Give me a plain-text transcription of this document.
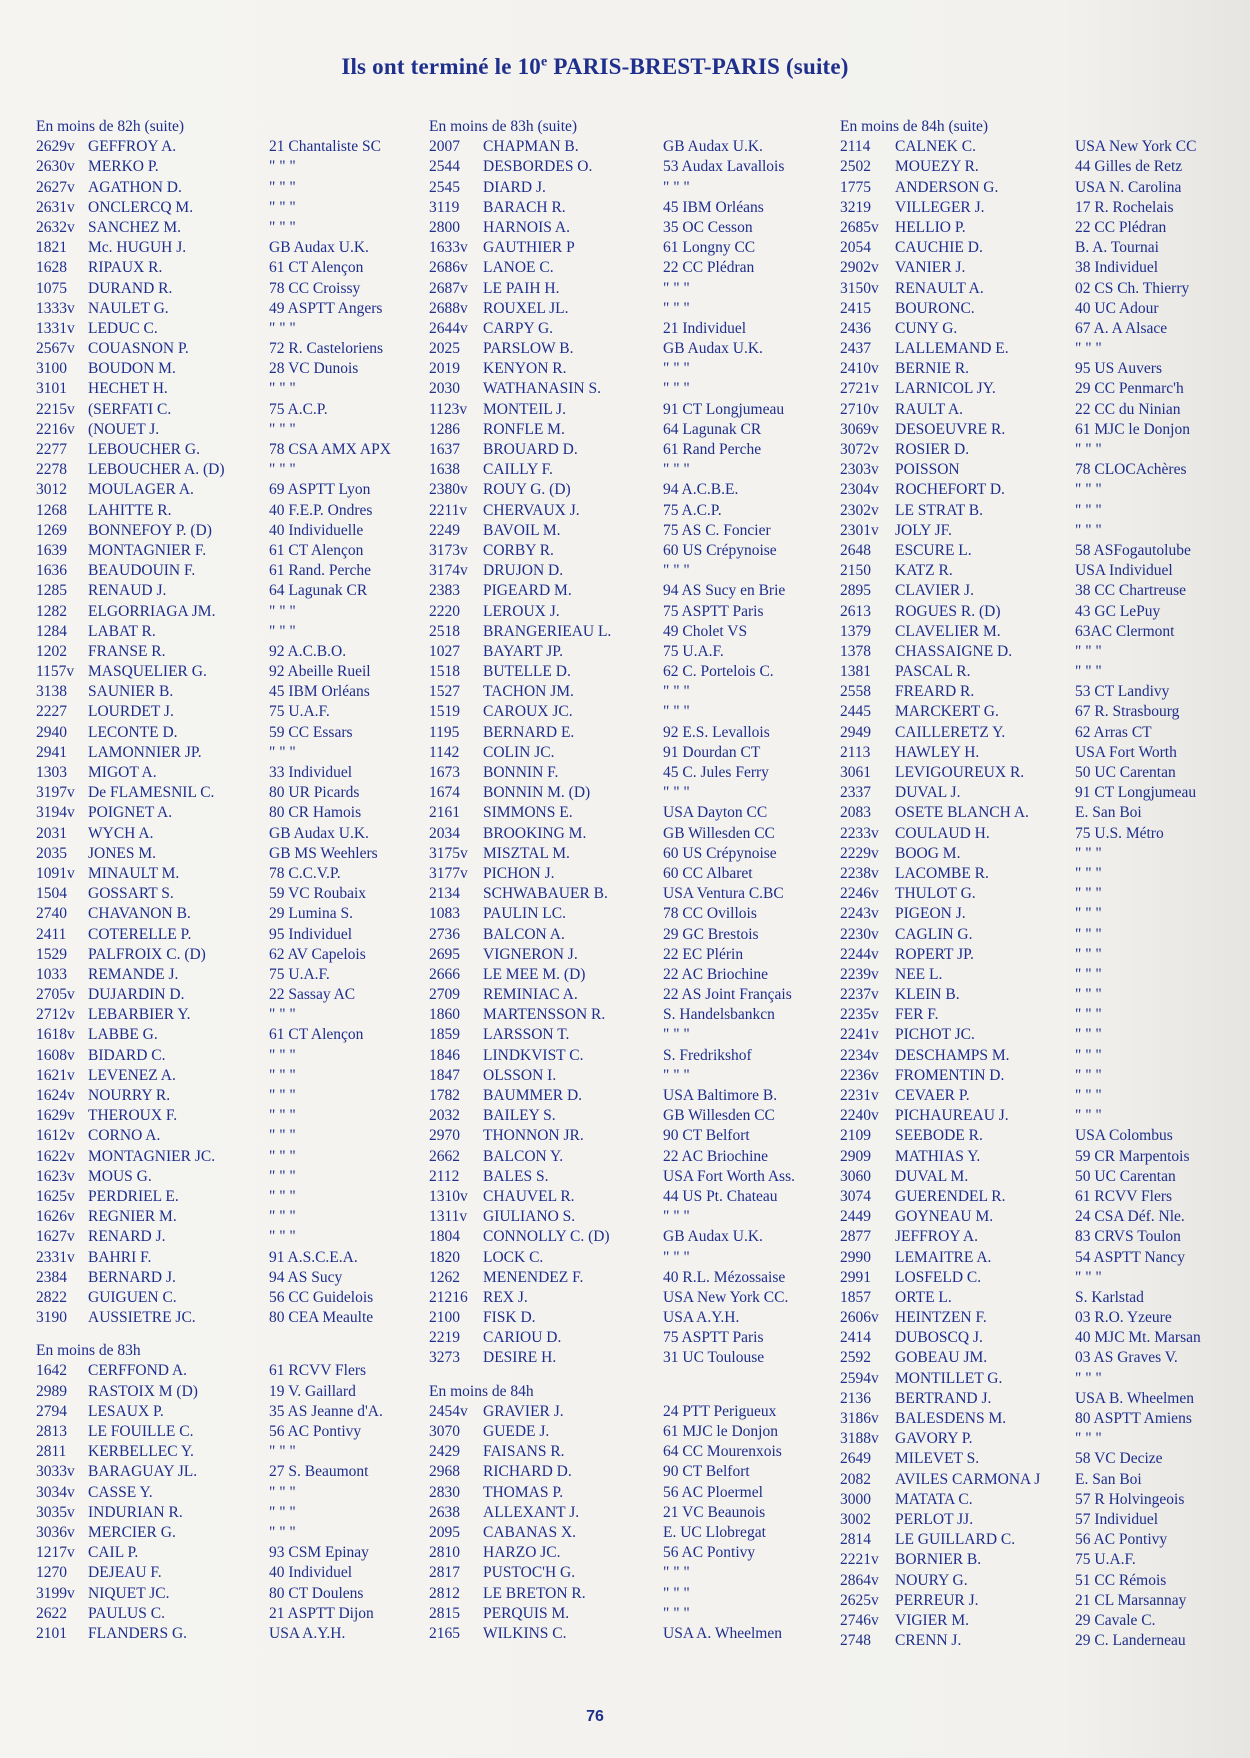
Ils ont terminé le 10e PARIS-BREST-PARIS (suite)
En moins de 82h (suite)
2629v GEFFROY A.	21 Chantaliste SC
2630v MERKO P.	" " "
2627v AGATHON D.	" " "
2631v ONCLERCQ M.	" " "
2632v SANCHEZ M.	" " "
1821	Mc. HUGUH J.	GB Audax U.K.
1628	RIPAUX R.	61 CT Alençon
1075	DURAND R.	78 CC Croissy
1333v NAULET G.	49 ASPTT Angers
1331v LEDUC C.	" " "
2567v COUASNON P.	72 R. Casteloriens
3100	BOUDON M.	28 VC Dunois
3101	HECHET H.	" " "
2215v (SERFATI C.	75 A.C.P.
2216v (NOUET J.	" " "
2277	LEBOUCHER G.	78 CSA AMX APX
2278	LEBOUCHER A. (D)	" " "
3012	MOULAGER A.	69 ASPTT Lyon
1268	LAHITTE R.	40 F.E.P. Ondres
1269	BONNEFOY P. (D)	40 Individuelle
1639	MONTAGNIER F.	61 CT Alençon
1636	BEAUDOUIN F.	61 Rand. Perche
1285	RENAUD J.	64 Lagunak CR
1282	ELGORRIAGA JM.	" " "
1284	LABAT R.	" " "
1202	FRANSE R.	92 A.C.B.O.
1157v MASQUELIER G.	92 Abeille Rueil
3138	SAUNIER B.	45 IBM Orléans
2227	LOURDET J.	75 U.A.F.
2940	LECONTE D.	59 CC Essars
2941	LAMONNIER JP.	" " "
1303	MIGOT A.	33 Individuel
3197v De FLAMESNIL C.	80 UR Picards
3194v POIGNET A.	80 CR Hamois
2031	WYCH A.	GB Audax U.K.
2035	JONES M.	GB MS Weehlers
1091v MINAULT M.	78 C.C.V.P.
1504	GOSSART S.	59 VC Roubaix
2740	CHAVANON B.	29 Lumina S.
2411	COTERELLE P.	95 Individuel
1529	PALFROIX C. (D)	62 AV Capelois
1033	REMANDE J.	75 U.A.F.
2705v DUJARDIN D.	22 Sassay AC
2712v LEBARBIER Y.	" " "
1618v LABBE G.	61 CT Alençon
1608v BIDARD C.	" " "
1621v LEVENEZ A.	" " "
1624v NOURRY R.	" " "
1629v THEROUX F.	" " "
1612v CORNO A.	" " "
1622v MONTAGNIER JC.	" " "
1623v MOUS G.	" " "
1625v PERDRIEL E.	" " "
1626v REGNIER M.	" " "
1627v RENARD J.	" " "
2331v BAHRI F.	91 A.S.C.E.A.
2384	BERNARD J.	94 AS Sucy
2822	GUIGUEN C.	56 CC Guidelois
3190	AUSSIETRE JC.	80 CEA Meaulte
En moins de 83h
1642	CERFFOND A.	61 RCVV Flers
2989	RASTOIX M (D)	19 V. Gaillard
2794	LESAUX P.	35 AS Jeanne d'A.
2813	LE FOUILLE C.	56 AC Pontivy
2811	KERBELLEC Y.	" " "
3033v BARAGUAY JL.	27 S. Beaumont
3034v CASSE Y.	" " "
3035v INDURIAN R.	" " "
3036v MERCIER G.	" " "
1217v CAIL P.	93 CSM Epinay
1270	DEJEAU F.	40 Individuel
3199v NIQUET JC.	80 CT Doulens
2622	PAULUS C.	21 ASPTT Dijon
2101	FLANDERS G.	USA A.Y.H.
En moins de 83h (suite)
2007	CHAPMAN B.	GB Audax U.K.
2544	DESBORDES O.	53 Audax Lavallois
2545	DIARD J.	" " "
3119	BARACH R.	45 IBM Orléans
2800	HARNOIS A.	35 OC Cesson
1633v GAUTHIER P	61 Longny CC
2686v LANOE C.	22 CC Plédran
2687v LE PAIH H.	" " "
2688v ROUXEL JL.	" " "
2644v CARPY G.	21 Individuel
2025	PARSLOW B.	GB Audax U.K.
2019	KENYON R.	" " "
2030	WATHANASIN S.	" " "
1123v	MONTEIL J.	91 CT Longjumeau
1286	RONFLE M.	64 Lagunak CR
1637	BROUARD D.	61 Rand Perche
1638	CAILLY F.	" " "
2380v ROUY G. (D)	94 A.C.B.E.
2211v	CHERVAUX J.	75 A.C.P.
2249	BAVOIL M.	75 AS C. Foncier
3173v CORBY R.	60 US Crépynoise
3174v DRUJON D.	" " "
2383	PIGEARD M.	94 AS Sucy en Brie
2220	LEROUX J.	75 ASPTT Paris
2518	BRANGERIEAU L.	49 Cholet VS
1027	BAYART JP.	75 U.A.F.
1518	BUTELLE D.	62 C. Portelois C.
1527	TACHON JM.	" " "
1519	CAROUX JC.	" " "
1195	BERNARD E.	92 E.S. Levallois
1142	COLIN JC.	91 Dourdan CT
1673	BONNIN F.	45 C. Jules Ferry
1674	BONNIN M. (D)	" " "
2161	SIMMONS E.	USA Dayton CC
2034	BROOKING M.	GB Willesden CC
3175v MISZTAL M.	60 US Crépynoise
3177v PICHON J.	60 CC Albaret
2134	SCHWABAUER B.	USA Ventura C.BC
1083	PAULIN LC.	78 CC Ovillois
2736	BALCON A.	29 GC Brestois
2695	VIGNERON J.	22 EC Plérin
2666	LE MEE M. (D)	22 AC Briochine
2709	REMINIAC A.	22 AS Joint Français
1860	MARTENSSON R.	S. Handelsbankcn
1859	LARSSON T.	" " "
1846	LINDKVIST C.	S. Fredrikshof
1847	OLSSON I.	" " "
1782	BAUMMER D.	USA Baltimore B.
2032	BAILEY S.	GB Willesden CC
2970	THONNON JR.	90 CT Belfort
2662	BALCON Y.	22 AC Briochine
2112	BALES S.	USA Fort Worth Ass.
1310v CHAUVEL R.	44 US Pt. Chateau
1311v	GIULIANO S.	" " "
1804	CONNOLLY C. (D)	GB Audax U.K.
1820	LOCK C.	" " "
1262	MENENDEZ F.	40 R.L. Mézossaise
21216 REX J.	USA New York CC.
2100	FISK D.	USA A.Y.H.
2219	CARIOU D.	75 ASPTT Paris
3273	DESIRE H.	31 UC Toulouse
En moins de 84h
2454v GRAVIER J.	24 PTT Perigueux
3070	GUEDE J.	61 MJC le Donjon
2429	FAISANS R.	64 CC Mourenxois
2968	RICHARD D.	90 CT Belfort
2830	THOMAS P.	56 AC Ploermel
2638	ALLEXANT J.	21 VC Beaunois
2095	CABANAS X.	E. UC Llobregat
2810	HARZO JC.	56 AC Pontivy
2817	PUSTOC'H G.	" " "
2812	LE BRETON R.	" " "
2815	PERQUIS M.	" " "
2165	WILKINS C.	USA A. Wheelmen
En moins de 84h (suite)
2114	CALNEK C.	USA New York CC
2502	MOUEZY R.	44 Gilles de Retz
1775	ANDERSON G.	USA N. Carolina
3219	VILLEGER J.	17 R. Rochelais
2685v	HELLIO P.	22 CC Plédran
2054	CAUCHIE D.	B. A. Tournai
2902v	VANIER J.	38 Individuel
3150v	RENAULT A.	02 CS Ch. Thierry
2415	BOURONC.	40 UC Adour
2436	CUNY G.	67 A. A Alsace
2437	LALLEMAND E.	" " "
2410v	BERNIE R.	95 US Auvers
2721v	LARNICOL JY.	29 CC Penmarc'h
2710v	RAULT A.	22 CC du Ninian
3069v	DESOEUVRE R.	61 MJC le Donjon
3072v	ROSIER D.	" " "
2303v	POISSON	78 CLOCAchères
2304v	ROCHEFORT D.	" " "
2302v	LE STRAT B.	" " "
2301v	JOLY JF.	" " "
2648	ESCURE L.	58 ASFogautolube
2150	KATZ R.	USA Individuel
2895	CLAVIER J.	38 CC Chartreuse
2613	ROGUES R. (D)	43 GC LePuy
1379	CLAVELIER M.	63AC Clermont
1378	CHASSAIGNE D.	" " "
1381	PASCAL R.	" " "
2558	FREARD R.	53 CT Landivy
2445	MARCKERT G.	67 R. Strasbourg
2949	CAILLERETZ Y.	62 Arras CT
2113	HAWLEY H.	USA Fort Worth
3061	LEVIGOUREUX R.	50 UC Carentan
2337	DUVAL J.	91 CT Longjumeau
2083	OSETE BLANCH A.	E. San Boi
2233v	COULAUD H.	75 U.S. Métro
2229v	BOOG M.	" " "
2238v	LACOMBE R.	" " "
2246v	THULOT G.	" " "
2243v	PIGEON J.	" " "
2230v	CAGLIN G.	" " "
2244v	ROPERT JP.	" " "
2239v	NEE L.	" " "
2237v	KLEIN B.	" " "
2235v	FER F.	" " "
2241v	PICHOT JC.	" " "
2234v	DESCHAMPS M.	" " "
2236v	FROMENTIN D.	" " "
2231v	CEVAER P.	" " "
2240v	PICHAUREAU J.	" " "
2109	SEEBODE R.	USA Colombus
2909	MATHIAS Y.	59 CR Marpentois
3060	DUVAL M.	50 UC Carentan
3074	GUERENDEL R.	61 RCVV Flers
2449	GOYNEAU M.	24 CSA Déf. Nle.
2877	JEFFROY A.	83 CRVS Toulon
2990	LEMAITRE A.	54 ASPTT Nancy
2991	LOSFELD C.	" " "
1857	ORTE L.	S. Karlstad
2606v	HEINTZEN F.	03 R.O. Yzeure
2414	DUBOSCQ J.	40 MJC Mt. Marsan
2592	GOBEAU JM.	03 AS Graves V.
2594v	MONTILLET G.	" " "
2136	BERTRAND J.	USA B. Wheelmen
3186v	BALESDENS M.	80 ASPTT Amiens
3188v	GAVORY P.	" " "
2649	MILEVET S.	58 VC Decize
2082	AVILES CARMONA J	E. San Boi
3000	MATATA C.	57 R Holvingeois
3002	PERLOT JJ.	57 Individuel
2814	LE GUILLARD C.	56 AC Pontivy
2221v	BORNIER B.	75 U.A.F.
2864v	NOURY G.	51 CC Rémois
2625v	PERREUR J.	21 CL Marsannay
2746v	VIGIER M.	29 Cavale C.
2748	CRENN J.	29 C. Landerneau
76
